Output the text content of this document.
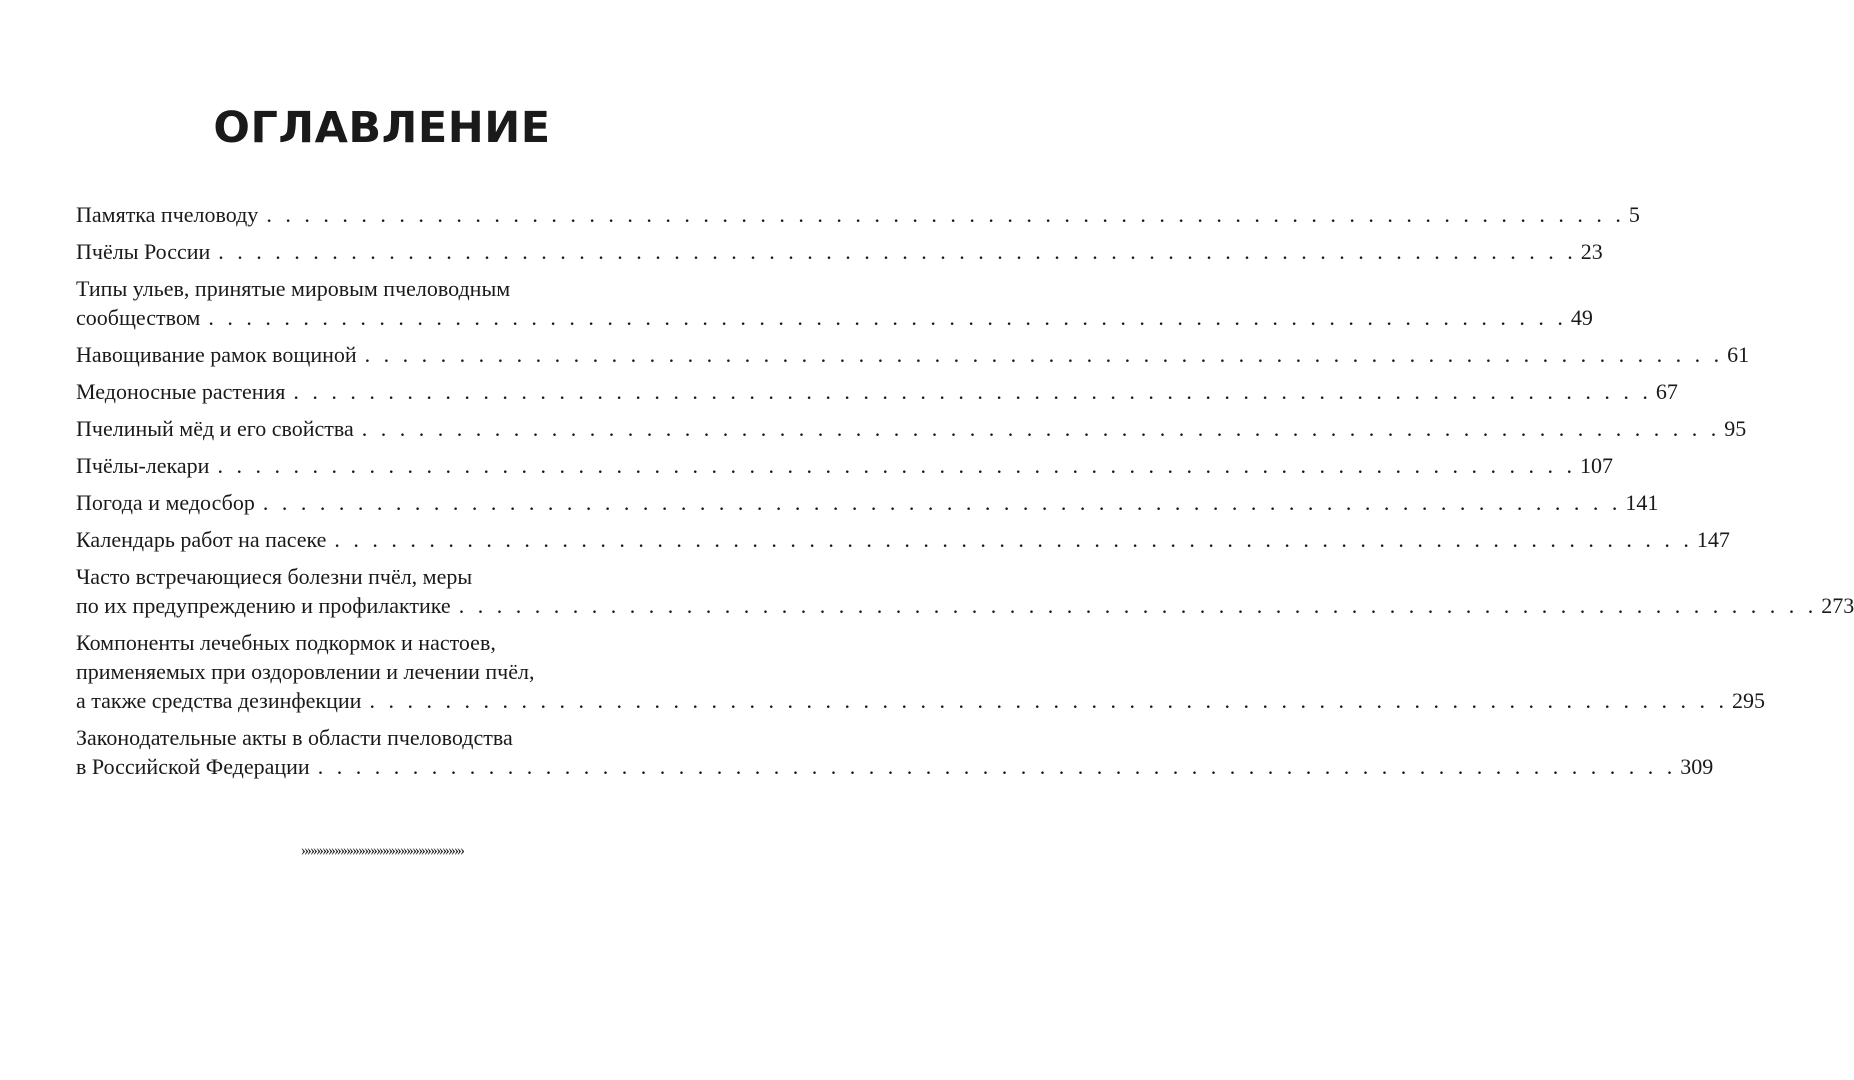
ОГЛАВЛЕНИЕ
Памятка пчеловоду . . . . . . . . . . . . . . . . . . . . . . . . . . . . . . . . . . . . . . . . . . . . . . . . . . . . . . . . . . . . . . . . . . . . . . . . 5
Пчёлы России . . . . . . . . . . . . . . . . . . . . . . . . . . . . . . . . . . . . . . . . . . . . . . . . . . . . . . . . . . . . . . . . . . . . . . . . 23
Типы ульев, принятые мировым пчеловодным
сообществом . . . . . . . . . . . . . . . . . . . . . . . . . . . . . . . . . . . . . . . . . . . . . . . . . . . . . . . . . . . . . . . . . . . . . . . . 49
Навощивание рамок вощиной . . . . . . . . . . . . . . . . . . . . . . . . . . . . . . . . . . . . . . . . . . . . . . . . . . . . . . . . . . . . . . . . . . . . . . . . 61
Медоносные растения . . . . . . . . . . . . . . . . . . . . . . . . . . . . . . . . . . . . . . . . . . . . . . . . . . . . . . . . . . . . . . . . . . . . . . . . 67
Пчелиный мёд и его свойства . . . . . . . . . . . . . . . . . . . . . . . . . . . . . . . . . . . . . . . . . . . . . . . . . . . . . . . . . . . . . . . . . . . . . . . . 95
Пчёлы-лекари . . . . . . . . . . . . . . . . . . . . . . . . . . . . . . . . . . . . . . . . . . . . . . . . . . . . . . . . . . . . . . . . . . . . . . . . 107
Погода и медосбор . . . . . . . . . . . . . . . . . . . . . . . . . . . . . . . . . . . . . . . . . . . . . . . . . . . . . . . . . . . . . . . . . . . . . . . . 141
Календарь работ на пасеке . . . . . . . . . . . . . . . . . . . . . . . . . . . . . . . . . . . . . . . . . . . . . . . . . . . . . . . . . . . . . . . . . . . . . . . . 147
Часто встречающиеся болезни пчёл, меры
по их предупреждению и профилактике . . . . . . . . . . . . . . . . . . . . . . . . . . . . . . . . . . . . . . . . . . . . . . . . . . . . . . . . . . . . . . . . . . . . . . . . 273
Компоненты лечебных подкормок и настоев,
применяемых при оздоровлении и лечении пчёл,
а также средства дезинфекции . . . . . . . . . . . . . . . . . . . . . . . . . . . . . . . . . . . . . . . . . . . . . . . . . . . . . . . . . . . . . . . . . . . . . . . . 295
Законодательные акты в области пчеловодства
в Российской Федерации . . . . . . . . . . . . . . . . . . . . . . . . . . . . . . . . . . . . . . . . . . . . . . . . . . . . . . . . . . . . . . . . . . . . . . . . 309
»»»»»»»»»»»»»»»»»»»»»»»»»»»
